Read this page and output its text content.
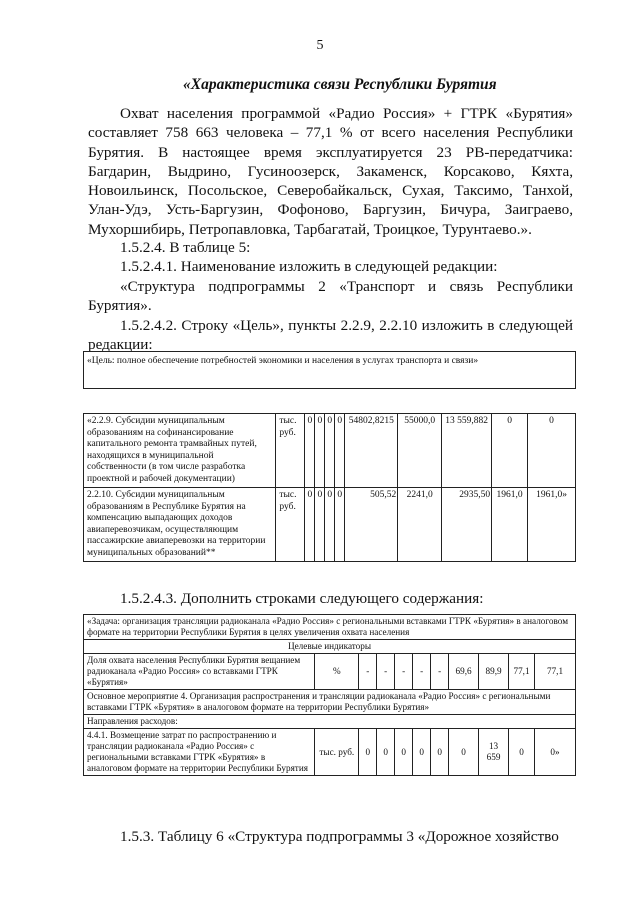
5
«Характеристика связи Республики Бурятия
Охват населения программой «Радио Россия» + ГТРК «Бурятия» составляет 758 663 человека – 77,1 % от всего населения Республики Бурятия. В настоящее время эксплуатируется 23 РВ-передатчика: Багдарин, Выдрино, Гусиноозерск, Закаменск, Корсаково, Кяхта, Новоильинск, Посольское, Северобайкальск, Сухая, Таксимо, Танхой, Улан-Удэ, Усть-Баргузин, Фофоново, Баргузин, Бичура, Заиграево, Мухоршибирь, Петропавловка, Тарбагатай, Троицкое, Турунтаево.».
1.5.2.4. В таблице 5:
1.5.2.4.1. Наименование изложить в следующей редакции:
«Структура подпрограммы 2 «Транспорт и связь Республики Бурятия».
1.5.2.4.2. Строку «Цель», пункты 2.2.9, 2.2.10 изложить в следующей редакции:
«Цель: полное обеспечение потребностей экономики и населения в услугах транспорта и связи»										

«2.2.9. Субсидии муниципальным образованиям на софинансирование капитального ремонта трамвайных путей, находящихся в муниципальной собственности (в том числе разработка проектной и рабочей документации)	тыс. руб.	0	0	0	0	54802,8215	55000,0	13 559,882	0	0
2.2.10. Субсидии муниципальным образованиям в Республике Бурятия на компенсацию выпадающих доходов авиаперевозчикам, осуществляющим пассажирские авиаперевозки на территории муниципальных образований**	тыс. руб.	0	0	0	0	505,52	2241,0	2935,50	1961,0	1961,0»
1.5.2.4.3. Дополнить строками следующего содержания:
«Задача: организация трансляции радиоканала «Радио Россия» с региональными вставками ГТРК «Бурятия» в аналоговом формате на территории Республики Бурятия в целях увеличения охвата населения										
Целевые индикаторы										
Доля охвата населения Республики Бурятия вещанием радиоканала «Радио Россия» со вставками ГТРК «Бурятия»	%	-	-	-	-	-	69,6	89,9	77,1	77,1
Основное мероприятие 4. Организация распространения и трансляции радиоканала «Радио Россия» с региональными вставками ГТРК «Бурятия» в аналоговом формате на территории Республики Бурятия»										
Направления расходов:										
4.4.1. Возмещение затрат по распространению и трансляции радиоканала «Радио Россия» с региональными вставками ГТРК «Бурятия» в аналоговом формате на территории Республики Бурятия	тыс. руб.	0	0	0	0	0	0	13 659	0	0»
1.5.3. Таблицу 6 «Структура подпрограммы 3 «Дорожное хозяйство
